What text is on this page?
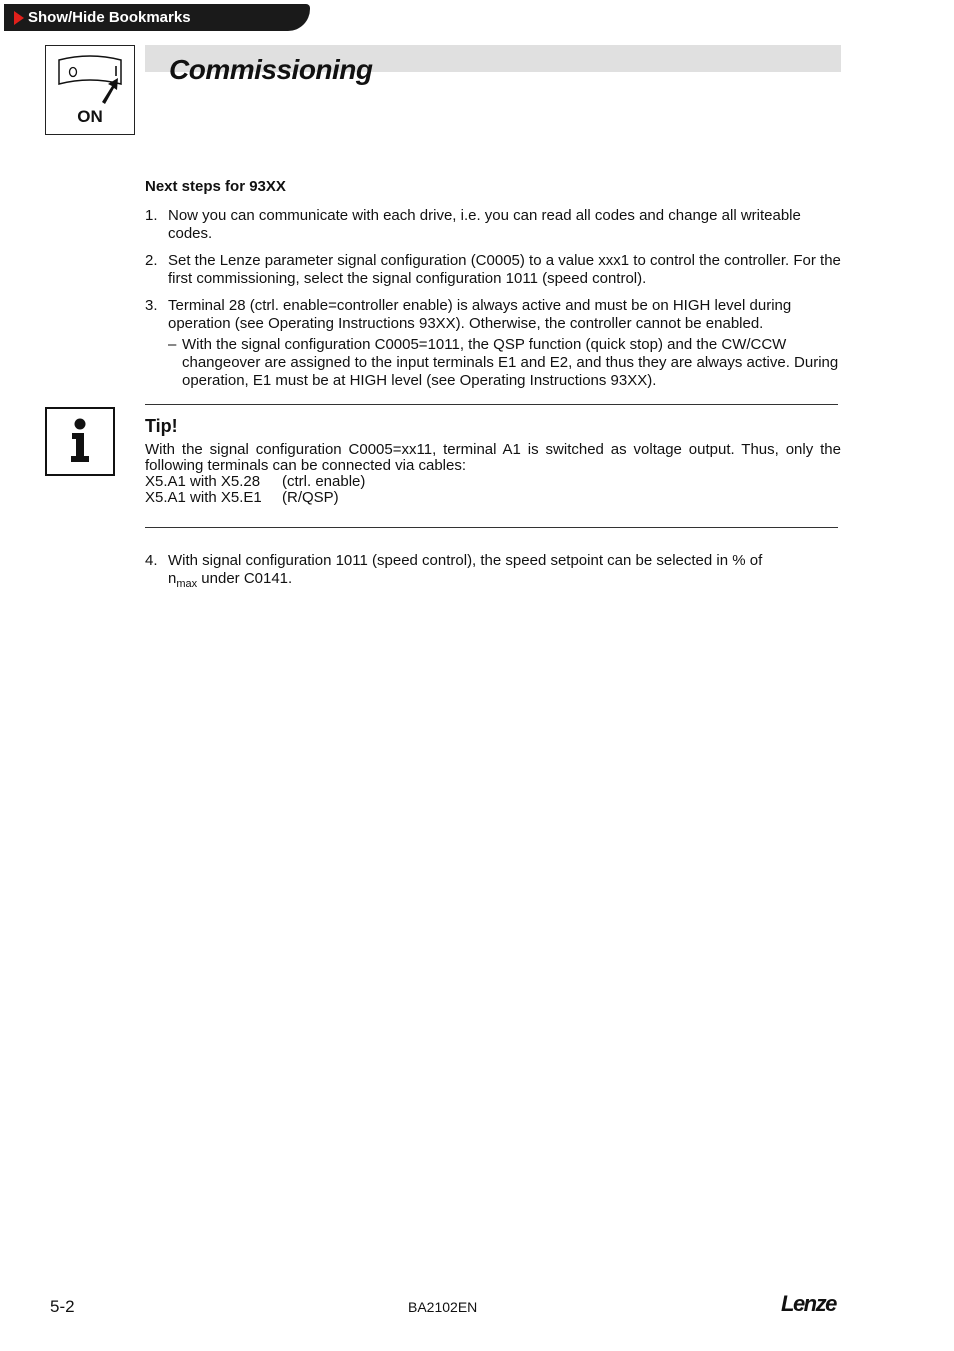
Show/Hide Bookmarks
ON
Commissioning

Next steps for 93XX

1. Now you can communicate with each drive, i.e. you can read all codes and change all writeable codes.
2. Set the Lenze parameter signal configuration (C0005) to a value xxx1 to control the controller. For the first commissioning, select the signal configuration 1011 (speed control).
3. Terminal 28 (ctrl. enable=controller enable) is always active and must be on HIGH level during operation (see Operating Instructions 93XX). Otherwise, the controller cannot be enabled.
– With the signal configuration C0005=1011, the QSP function (quick stop) and the CW/CCW changeover are assigned to the input terminals E1 and E2, and thus they are always active. During operation, E1 must be at HIGH level (see Operating Instructions 93XX).

Tip!

With the signal configuration C0005=xx11, terminal A1 is switched as voltage output. Thus, only the following terminals can be connected via cables:

X5.A1 with X5.28 (ctrl. enable)

X5.A1 with X5.E1 (R/QSP)

4. With signal configuration 1011 (speed control), the speed setpoint can be selected in % of
$n_{max}$ under C0141.
5-2	BA2102EN	Lenze
